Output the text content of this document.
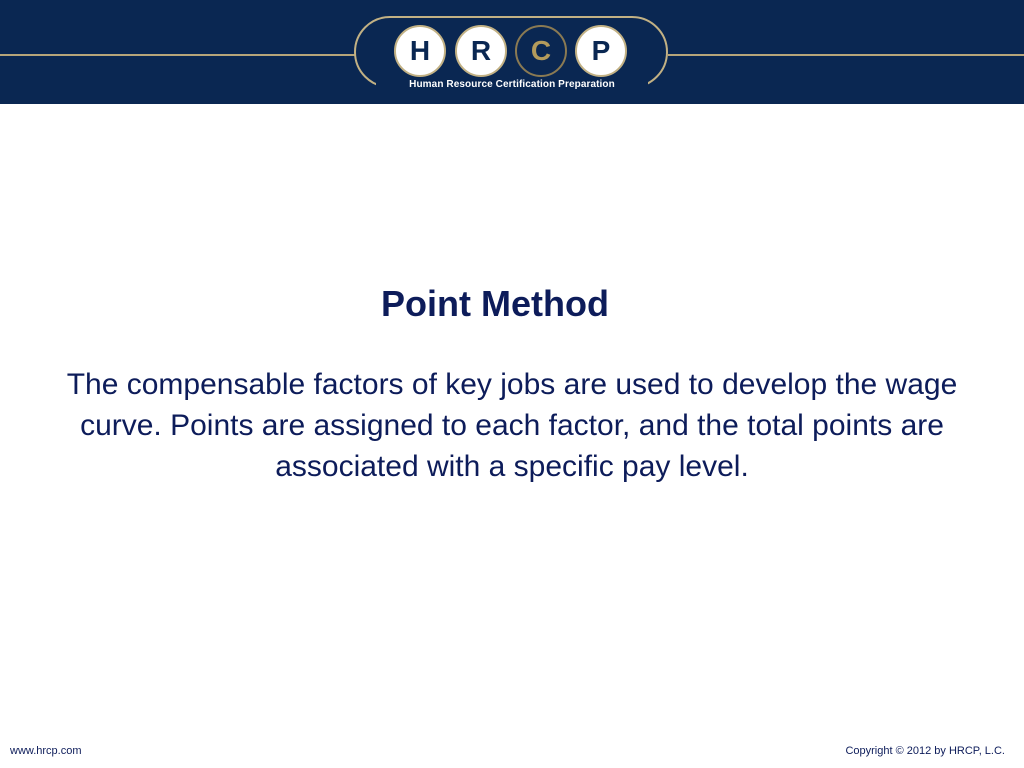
H	R	C	P
Human Resource Certification Preparation
Point Method
The compensable factors of key jobs are used to develop the wage curve. Points are assigned to each factor, and the total points are associated with a specific pay level.
www.hrcp.com	Copyright © 2012 by HRCP, L.C.
